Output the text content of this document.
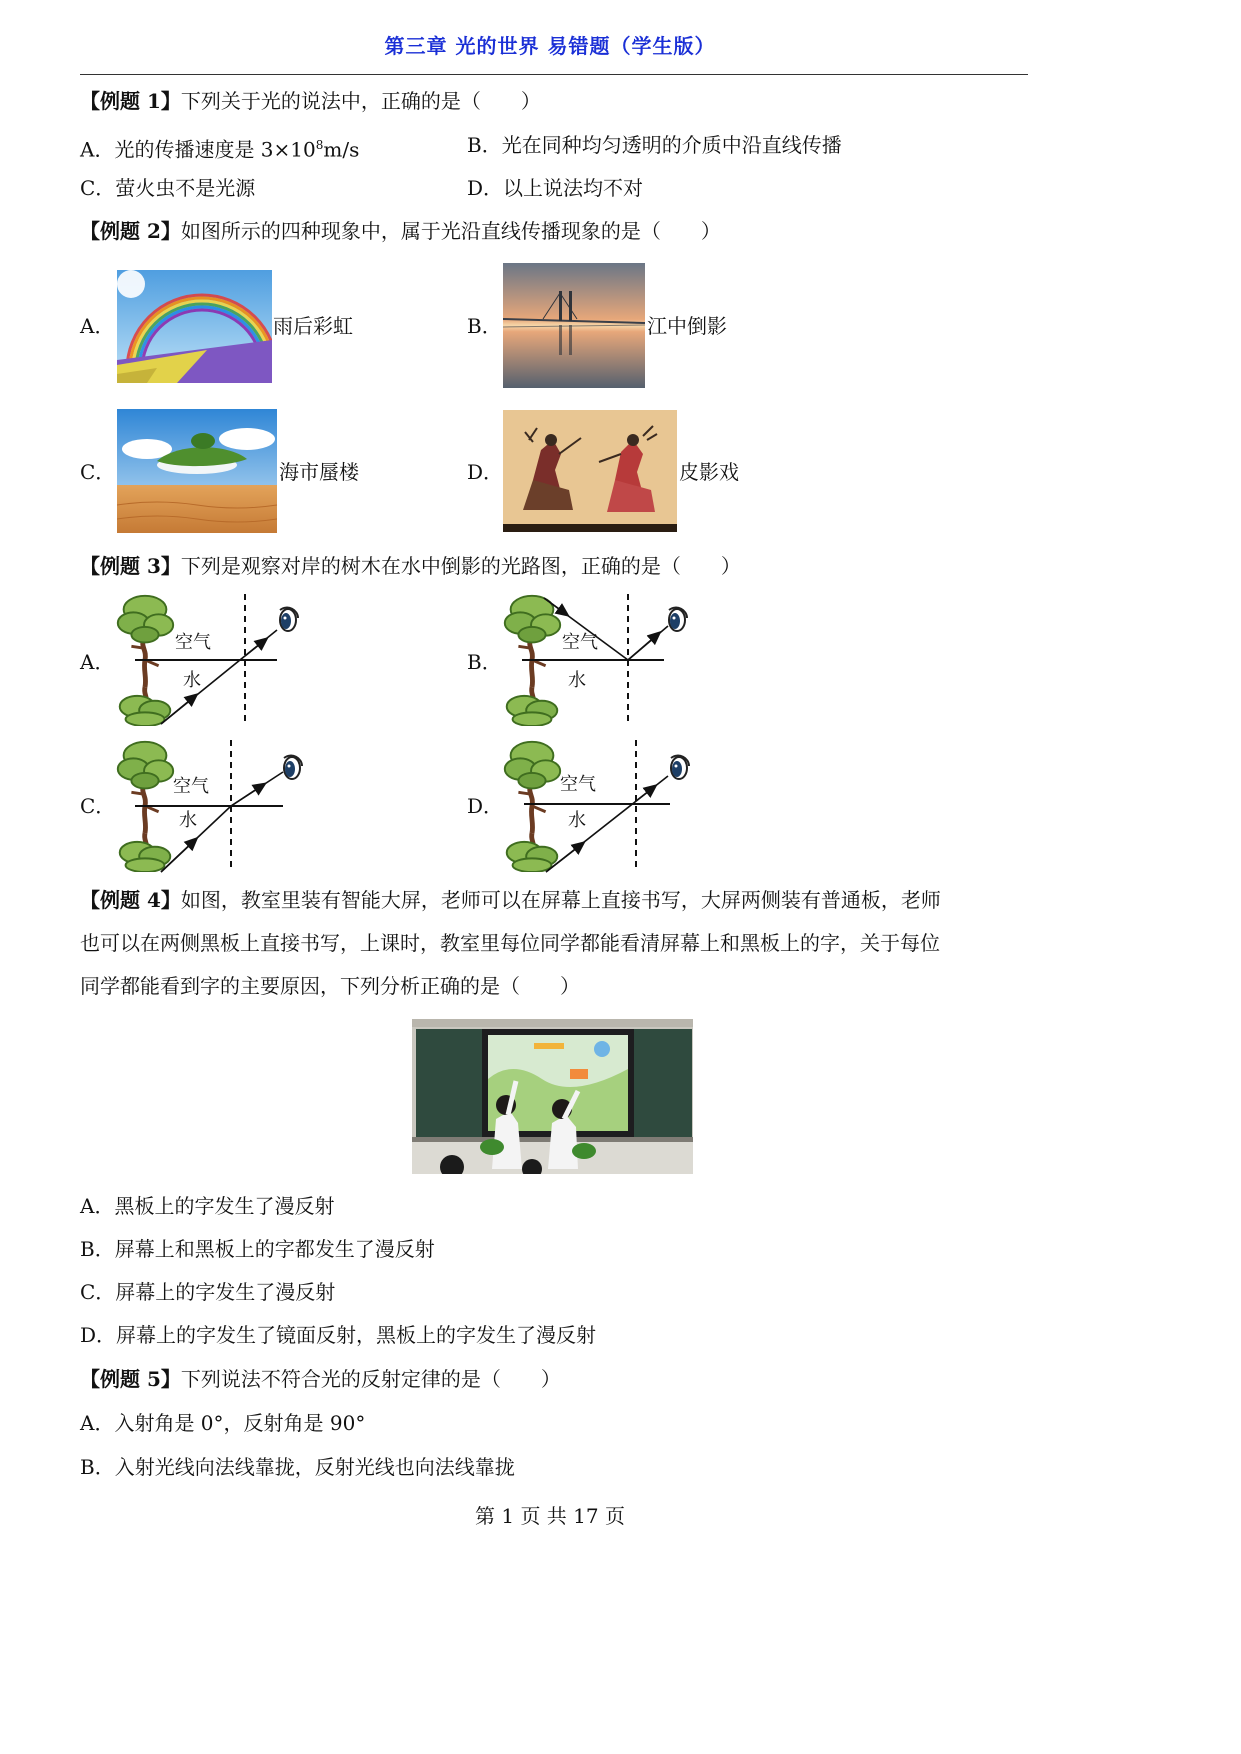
第三章 光的世界 易错题（学生版）
【例题 1】下列关于光的说法中，正确的是（　　）
A．光的传播速度是 $3\times 10^8m/s$	B．光在同种均匀透明的介质中沿直线传播
C．萤火虫不是光源	D．以上说法均不对
【例题 2】如图所示的四种现象中，属于光沿直线传播现象的是（　　）
A．	雨后彩虹	B．	江中倒影
C．	海市蜃楼	D．	皮影戏
【例题 3】下列是观察对岸的树木在水中倒影的光路图，正确的是（　　）
A．
空气
水
B．
空气
水
C．
空气
水
D．
空气
水
【例题 4】如图，教室里装有智能大屏，老师可以在屏幕上直接书写，大屏两侧装有普通板，老师
也可以在两侧黑板上直接书写，上课时，教室里每位同学都能看清屏幕上和黑板上的字，关于每位
同学都能看到字的主要原因，下列分析正确的是（　　）
A．黑板上的字发生了漫反射
B．屏幕上和黑板上的字都发生了漫反射
C．屏幕上的字发生了漫反射
D．屏幕上的字发生了镜面反射，黑板上的字发生了漫反射
【例题 5】下列说法不符合光的反射定律的是（　　）
A．入射角是 0°，反射角是 90°
B．入射光线向法线靠拢，反射光线也向法线靠拢
第 1 页 共 17 页
